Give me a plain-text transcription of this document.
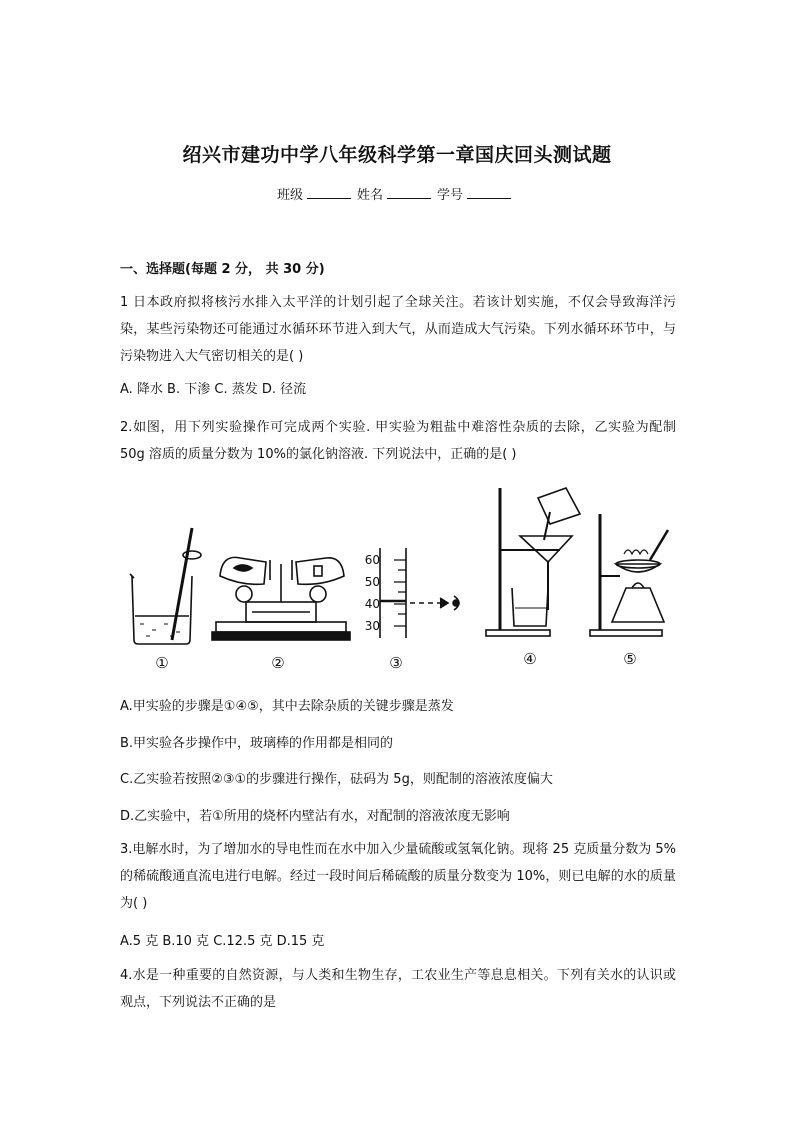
绍兴市建功中学八年级科学第一章国庆回头测试题
班级	姓名	学号
一、选择题(每题 2 分， 共 30 分)
1 日本政府拟将核污水排入太平洋的计划引起了全球关注。若该计划实施，不仅会导致海洋污染，某些污染物还可能通过水循环环节进入到大气，从而造成大气污染。下列水循环环节中，与污染物进入大气密切相关的是( )
A. 降水 B. 下渗 C. 蒸发 D. 径流
2.如图，用下列实验操作可完成两个实验. 甲实验为粗盐中难溶性杂质的去除，乙实验为配制 50g 溶质的质量分数为 10%的氯化钠溶液. 下列说法中，正确的是( )
60
50
40
30
①	②	③	④	⑤
A.甲实验的步骤是①④⑤，其中去除杂质的关键步骤是蒸发
B.甲实验各步操作中，玻璃棒的作用都是相同的
C.乙实验若按照②③①的步骤进行操作，砝码为 5g，则配制的溶液浓度偏大
D.乙实验中，若①所用的烧杯内壁沾有水，对配制的溶液浓度无影响
3.电解水时，为了增加水的导电性而在水中加入少量硫酸或氢氧化钠。现将 25 克质量分数为 5%的稀硫酸通直流电进行电解。经过一段时间后稀硫酸的质量分数变为 10%，则已电解的水的质量为( )
A.5 克 B.10 克 C.12.5 克 D.15 克
4.水是一种重要的自然资源，与人类和生物生存，工农业生产等息息相关。下列有关水的认识或观点，下列说法不正确的是
